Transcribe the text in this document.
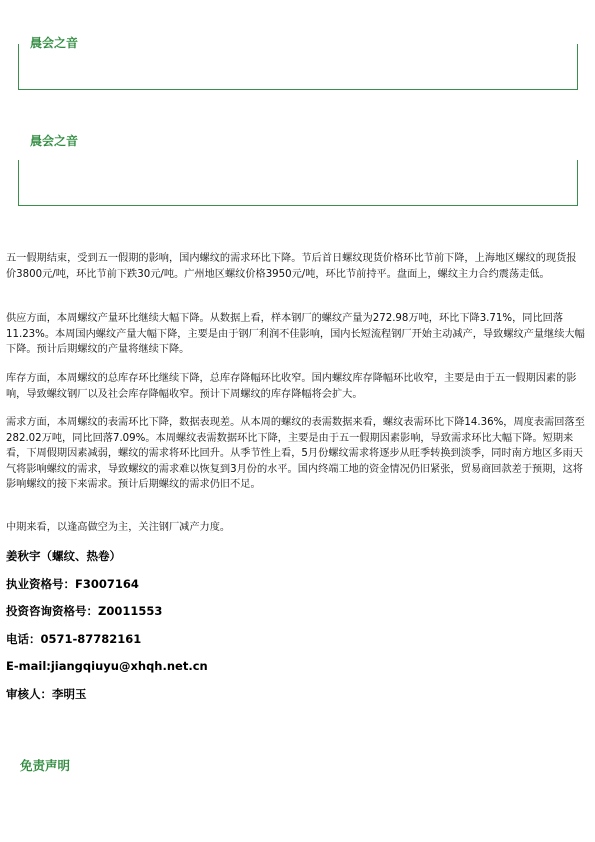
晨会之音
晨会之音

五一假期结束，受到五一假期的影响，国内螺纹的需求环比下降。节后首日螺纹现货价格环比节前下降，上海地区螺纹的现货报价3800元/吨，环比节前下跌30元/吨。广州地区螺纹价格3950元/吨，环比节前持平。盘面上，螺纹主力合约震荡走低。

供应方面，本周螺纹产量环比继续大幅下降。从数据上看，样本钢厂的螺纹产量为272.98万吨，环比下降3.71%，同比回落11.23%。本周国内螺纹产量大幅下降，主要是由于钢厂利润不佳影响，国内长短流程钢厂开始主动减产，导致螺纹产量继续大幅下降。预计后期螺纹的产量将继续下降。

库存方面，本周螺纹的总库存环比继续下降，总库存降幅环比收窄。国内螺纹库存降幅环比收窄，主要是由于五一假期因素的影响，导致螺纹钢厂以及社会库存降幅收窄。预计下周螺纹的库存降幅将会扩大。

需求方面，本周螺纹的表需环比下降，数据表现差。从本周的螺纹的表需数据来看，螺纹表需环比下降14.36%，周度表需回落至282.02万吨，同比回落7.09%。本周螺纹表需数据环比下降，主要是由于五一假期因素影响，导致需求环比大幅下降。短期来看，下周假期因素减弱，螺纹的需求将环比回升。从季节性上看，5月份螺纹需求将逐步从旺季转换到淡季，同时南方地区多雨天气将影响螺纹的需求，导致螺纹的需求难以恢复到3月份的水平。国内终端工地的资金情况仍旧紧张，贸易商回款差于预期，这将影响螺纹的接下来需求。预计后期螺纹的需求仍旧不足。

中期来看，以逢高做空为主，关注钢厂减产力度。

姜秋宇（螺纹、热卷）
执业资格号：F3007164
投资咨询资格号：Z0011553
电话：0571-87782161
E-mail:jiangqiuyu@xhqh.net.cn
审核人：李明玉
免责声明
